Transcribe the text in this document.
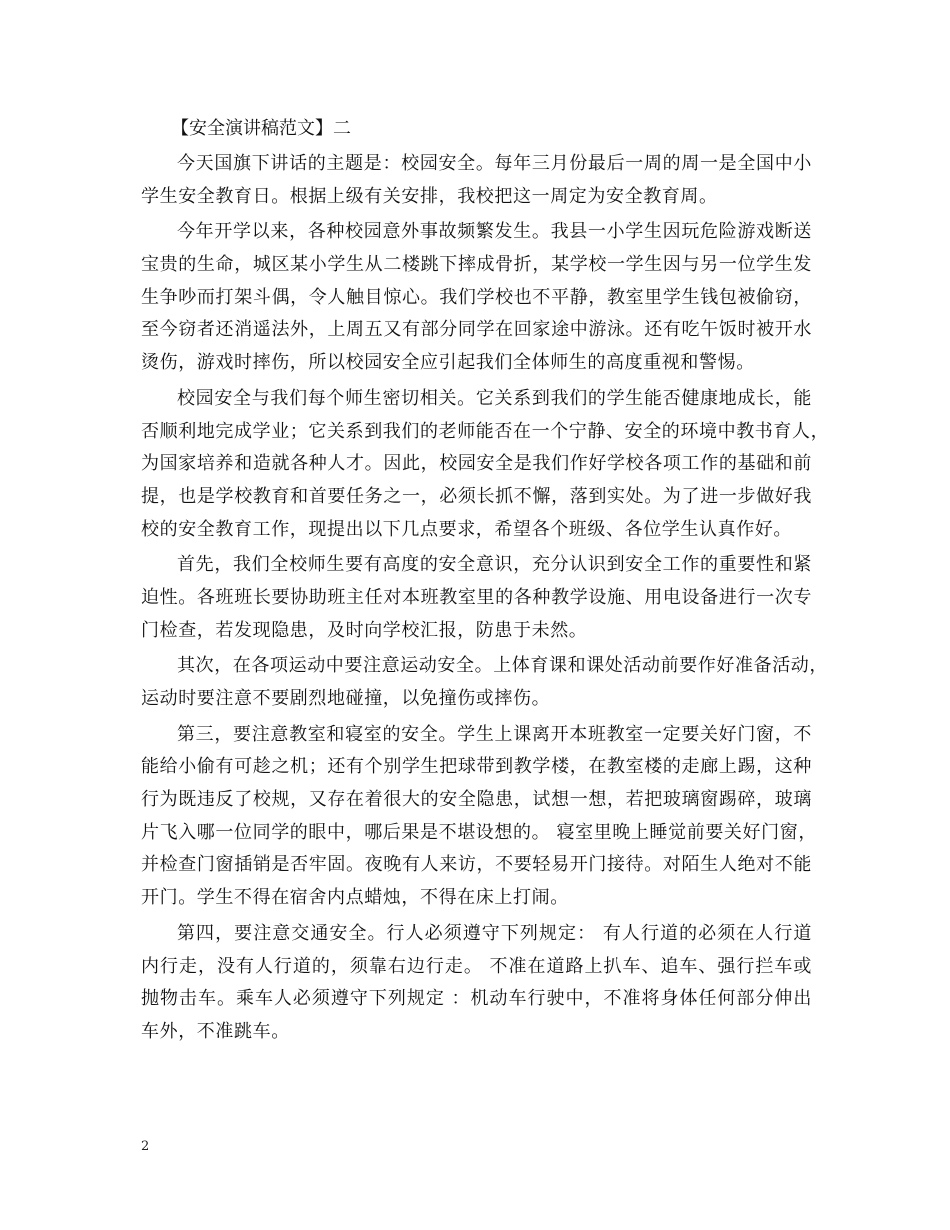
【安全演讲稿范文】二
今天国旗下讲话的主题是：校园安全。每年三月份最后一周的周一是全国中小
学生安全教育日。根据上级有关安排，我校把这一周定为安全教育周。
今年开学以来，各种校园意外事故频繁发生。我县一小学生因玩危险游戏断送
宝贵的生命，城区某小学生从二楼跳下摔成骨折，某学校一学生因与另一位学生发
生争吵而打架斗偶，令人触目惊心。我们学校也不平静，教室里学生钱包被偷窃，
至今窃者还消遥法外，上周五又有部分同学在回家途中游泳。还有吃午饭时被开水
烫伤，游戏时摔伤，所以校园安全应引起我们全体师生的高度重视和警惕。
校园安全与我们每个师生密切相关。它关系到我们的学生能否健康地成长，能
否顺利地完成学业；它关系到我们的老师能否在一个宁静、安全的环境中教书育人，
为国家培养和造就各种人才。因此，校园安全是我们作好学校各项工作的基础和前
提，也是学校教育和首要任务之一，必须长抓不懈，落到实处。为了进一步做好我
校的安全教育工作，现提出以下几点要求，希望各个班级、各位学生认真作好。
首先，我们全校师生要有高度的安全意识，充分认识到安全工作的重要性和紧
迫性。各班班长要协助班主任对本班教室里的各种教学设施、用电设备进行一次专
门检查，若发现隐患，及时向学校汇报，防患于未然。
其次，在各项运动中要注意运动安全。上体育课和课处活动前要作好准备活动，
运动时要注意不要剧烈地碰撞，以免撞伤或摔伤。
第三，要注意教室和寝室的安全。学生上课离开本班教室一定要关好门窗，不
能给小偷有可趁之机；还有个别学生把球带到教学楼，在教室楼的走廊上踢，这种
行为既违反了校规，又存在着很大的安全隐患，试想一想，若把玻璃窗踢碎，玻璃
片飞入哪一位同学的眼中，哪后果是不堪设想的。 寝室里晚上睡觉前要关好门窗，
并检查门窗插销是否牢固。夜晚有人来访，不要轻易开门接待。对陌生人绝对不能
开门。学生不得在宿舍内点蜡烛，不得在床上打闹。
第四，要注意交通安全。行人必须遵守下列规定： 有人行道的必须在人行道
内行走，没有人行道的，须靠右边行走。 不准在道路上扒车、追车、强行拦车或
抛物击车。乘车人必须遵守下列规定 ：机动车行驶中，不准将身体任何部分伸出
车外，不准跳车。
2
